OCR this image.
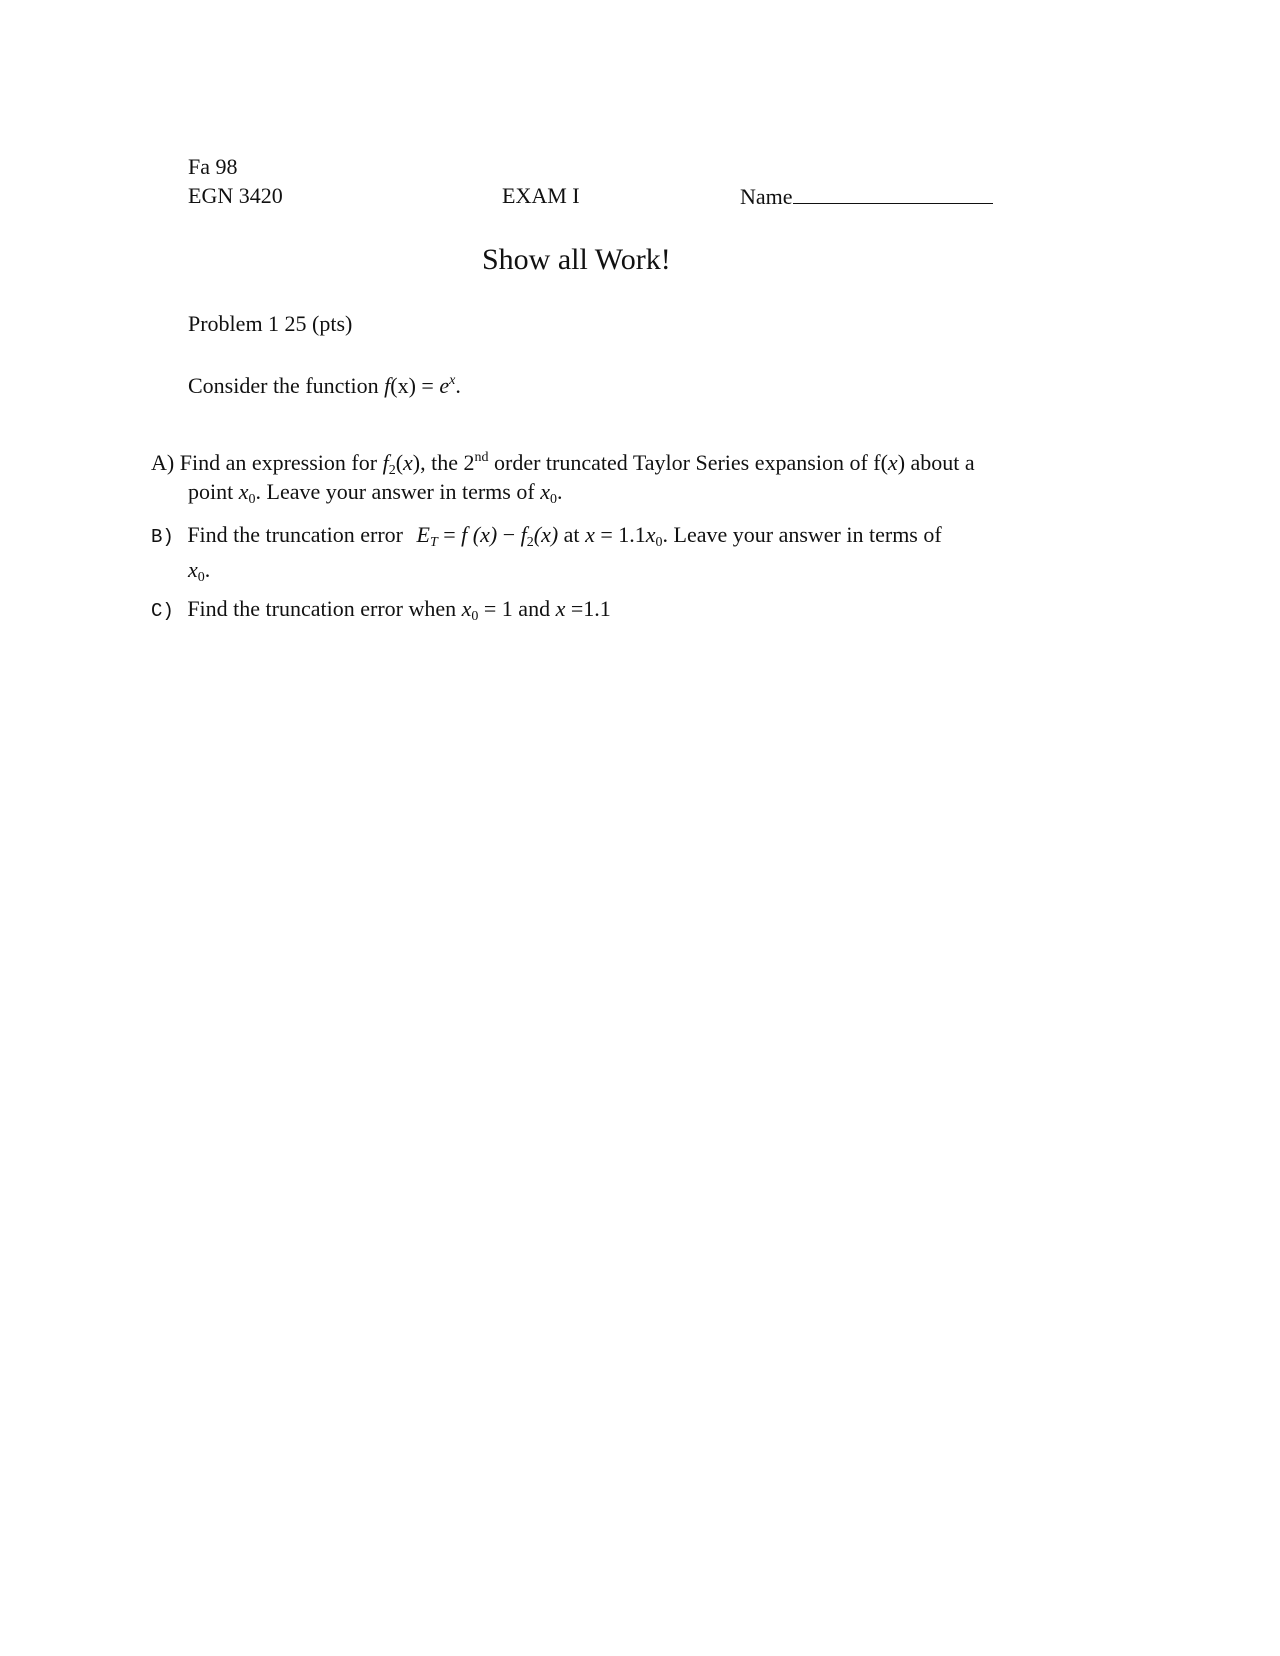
Fa 98
EGN 3420	EXAM I	Name
Show all Work!
Problem 1 25 (pts)
Consider the function $f(x) = e^x$.
A) Find an expression for $f_2(x)$, the 2nd order truncated Taylor Series expansion of f(x) about a
point $x_0$. Leave your answer in terms of $x_0$.
B) Find the truncation error $E_T = f$ $(x) - f_2(x)$ at $x = 1.1x_0$. Leave your answer in terms of
$x_0$.
C) Find the truncation error when $x_0 = 1$ and x =1.1
